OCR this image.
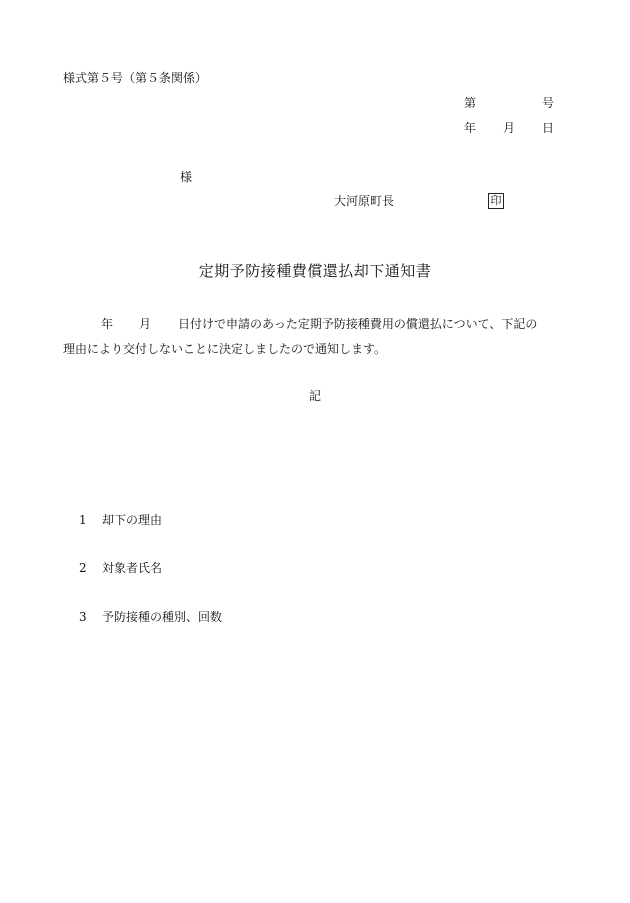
様式第５号（第５条関係）
第	号
年 月 日
様
大河原町長	印
定期予防接種費償還払却下通知書
年 月 日付けで申請のあった定期予防接種費用の償還払について、下記の
理由により交付しないことに決定しましたので通知します。
記
1 却下の理由
2 対象者氏名
3 予防接種の種別、回数
